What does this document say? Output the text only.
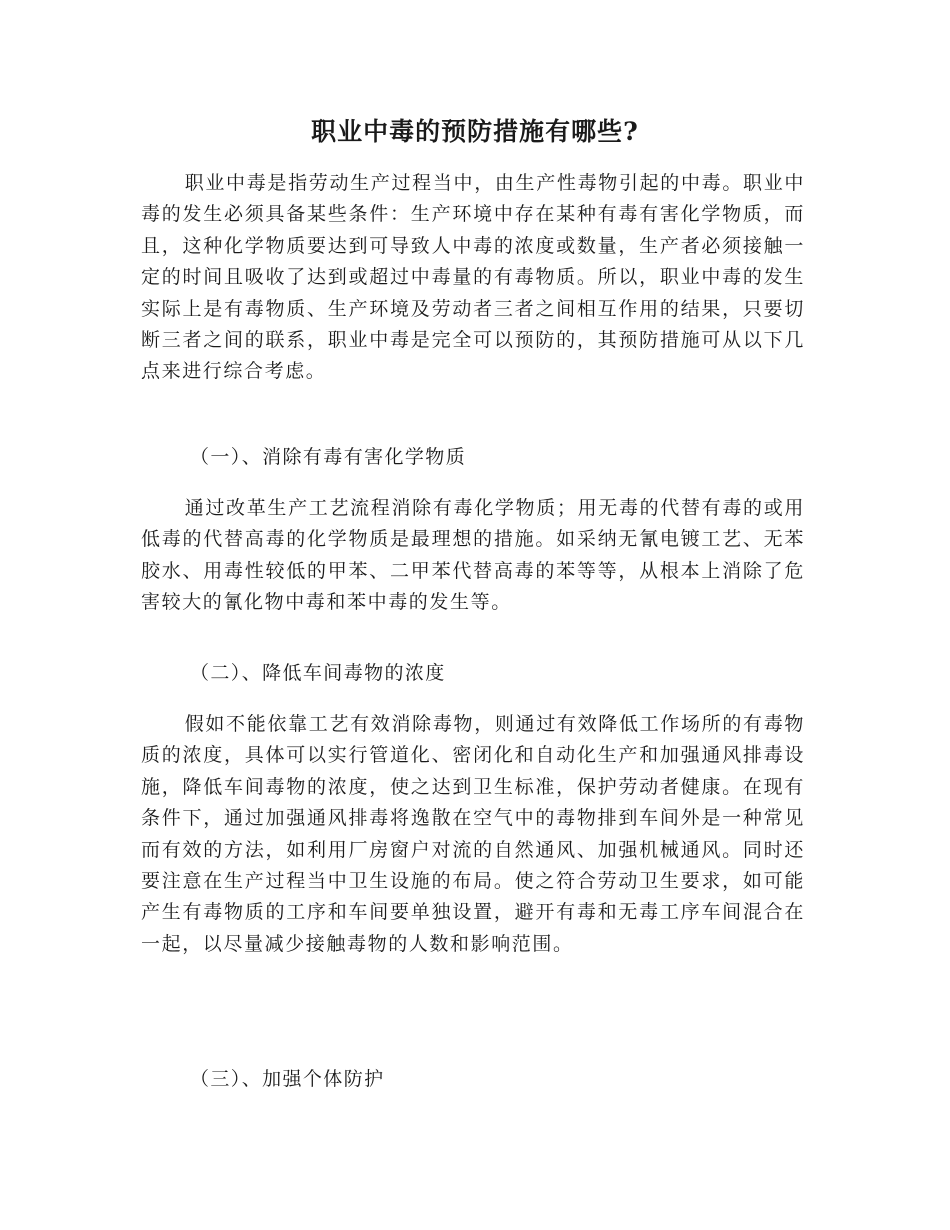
职业中毒的预防措施有哪些?

职业中毒是指劳动生产过程当中，由生产性毒物引起的中毒。职业中毒的发生必须具备某些条件：生产环境中存在某种有毒有害化学物质，而且，这种化学物质要达到可导致人中毒的浓度或数量，生产者必须接触一定的时间且吸收了达到或超过中毒量的有毒物质。所以，职业中毒的发生实际上是有毒物质、生产环境及劳动者三者之间相互作用的结果，只要切断三者之间的联系，职业中毒是完全可以预防的，其预防措施可从以下几点来进行综合考虑。

（一）、消除有毒有害化学物质

通过改革生产工艺流程消除有毒化学物质；用无毒的代替有毒的或用低毒的代替高毒的化学物质是最理想的措施。如采纳无氰电镀工艺、无苯胶水、用毒性较低的甲苯、二甲苯代替高毒的苯等等，从根本上消除了危害较大的氰化物中毒和苯中毒的发生等。

（二）、降低车间毒物的浓度

假如不能依靠工艺有效消除毒物，则通过有效降低工作场所的有毒物质的浓度，具体可以实行管道化、密闭化和自动化生产和加强通风排毒设施，降低车间毒物的浓度，使之达到卫生标准，保护劳动者健康。在现有条件下，通过加强通风排毒将逸散在空气中的毒物排到车间外是一种常见而有效的方法，如利用厂房窗户对流的自然通风、加强机械通风。同时还要注意在生产过程当中卫生设施的布局。使之符合劳动卫生要求，如可能产生有毒物质的工序和车间要单独设置，避开有毒和无毒工序车间混合在一起，以尽量减少接触毒物的人数和影响范围。

（三）、加强个体防护
